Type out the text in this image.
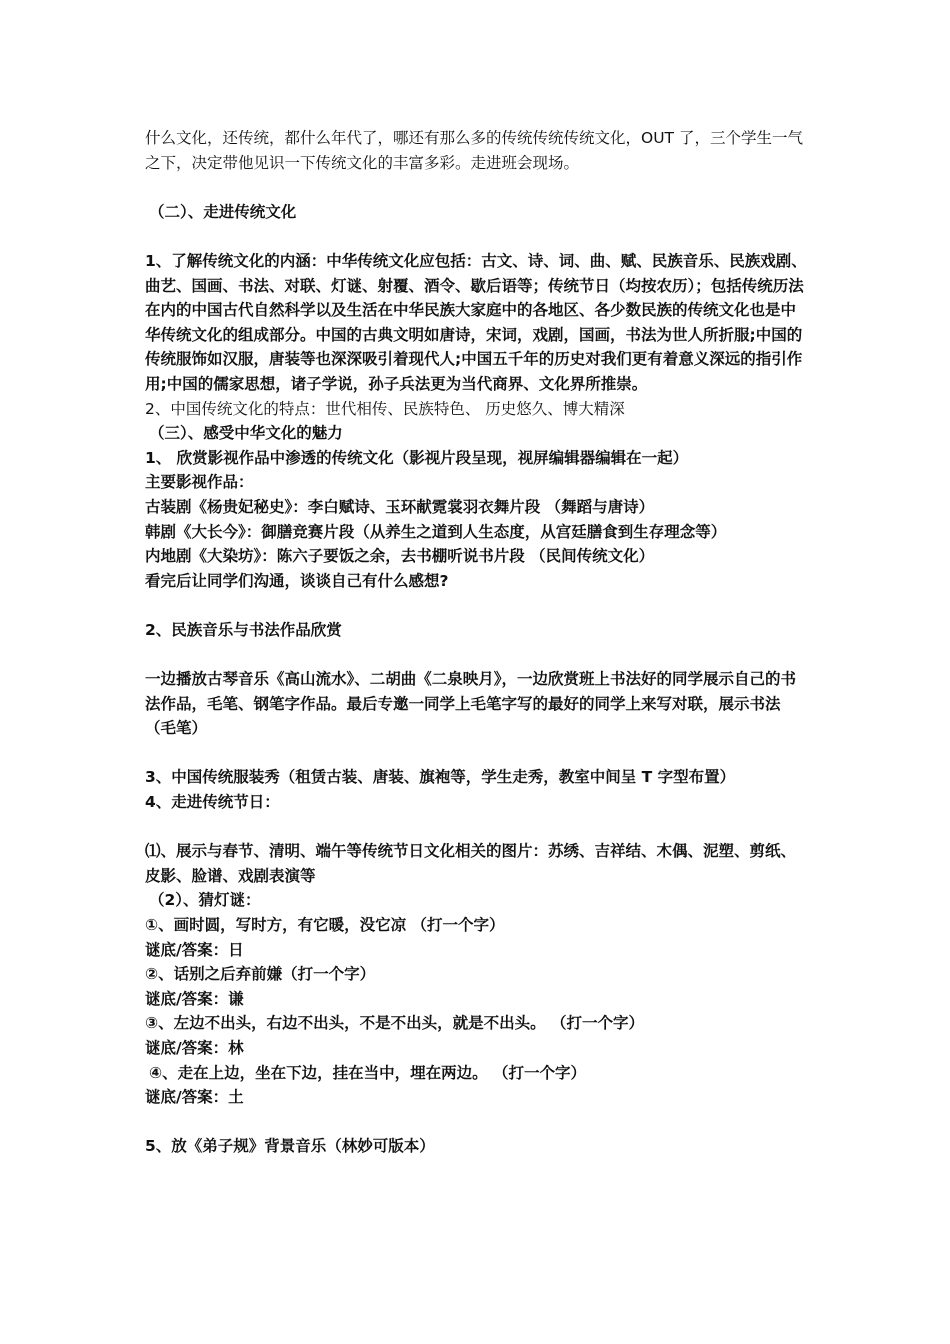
什么文化，还传统，都什么年代了，哪还有那么多的传统传统传统文化，OUT 了，三个学生一气之下，决定带他见识一下传统文化的丰富多彩。走进班会现场。

（二）、走进传统文化

1、了解传统文化的内涵：中华传统文化应包括：古文、诗、词、曲、赋、民族音乐、民族戏剧、曲艺、国画、书法、对联、灯谜、射覆、酒令、歇后语等；传统节日（均按农历）；包括传统历法在内的中国古代自然科学以及生活在中华民族大家庭中的各地区、各少数民族的传统文化也是中华传统文化的组成部分。中国的古典文明如唐诗，宋词，戏剧，国画，书法为世人所折服;中国的传统服饰如汉服，唐装等也深深吸引着现代人;中国五千年的历史对我们更有着意义深远的指引作用;中国的儒家思想，诸子学说，孙子兵法更为当代商界、文化界所推崇。

2、中国传统文化的特点：世代相传、民族特色、 历史悠久、博大精深

（三）、感受中华文化的魅力

1、 欣赏影视作品中渗透的传统文化（影视片段呈现，视屏编辑器编辑在一起）

主要影视作品：

古装剧《杨贵妃秘史》：李白赋诗、玉环献霓裳羽衣舞片段 （舞蹈与唐诗）

韩剧《大长今》：御膳竞赛片段（从养生之道到人生态度，从宫廷膳食到生存理念等）

内地剧《大染坊》：陈六子要饭之余，去书棚听说书片段 （民间传统文化）

看完后让同学们沟通，谈谈自己有什么感想?

2、民族音乐与书法作品欣赏

一边播放古琴音乐《高山流水》、二胡曲《二泉映月》，一边欣赏班上书法好的同学展示自己的书法作品，毛笔、钢笔字作品。最后专邀一同学上毛笔字写的最好的同学上来写对联，展示书法（毛笔）

3、中国传统服装秀（租赁古装、唐装、旗袍等，学生走秀，教室中间呈 T 字型布置）

4、走进传统节日：

⑴、展示与春节、清明、端午等传统节日文化相关的图片：苏绣、吉祥结、木偶、泥塑、剪纸、皮影、脸谱、戏剧表演等

（2）、猜灯谜：

①、画时圆，写时方，有它暖，没它凉 （打一个字）

谜底/答案：日

②、话别之后弃前嫌（打一个字）

谜底/答案：谦

③、左边不出头，右边不出头，不是不出头，就是不出头。 （打一个字）

谜底/答案：林

④、走在上边，坐在下边，挂在当中，埋在两边。 （打一个字）

谜底/答案：土

5、放《弟子规》背景音乐（林妙可版本）
